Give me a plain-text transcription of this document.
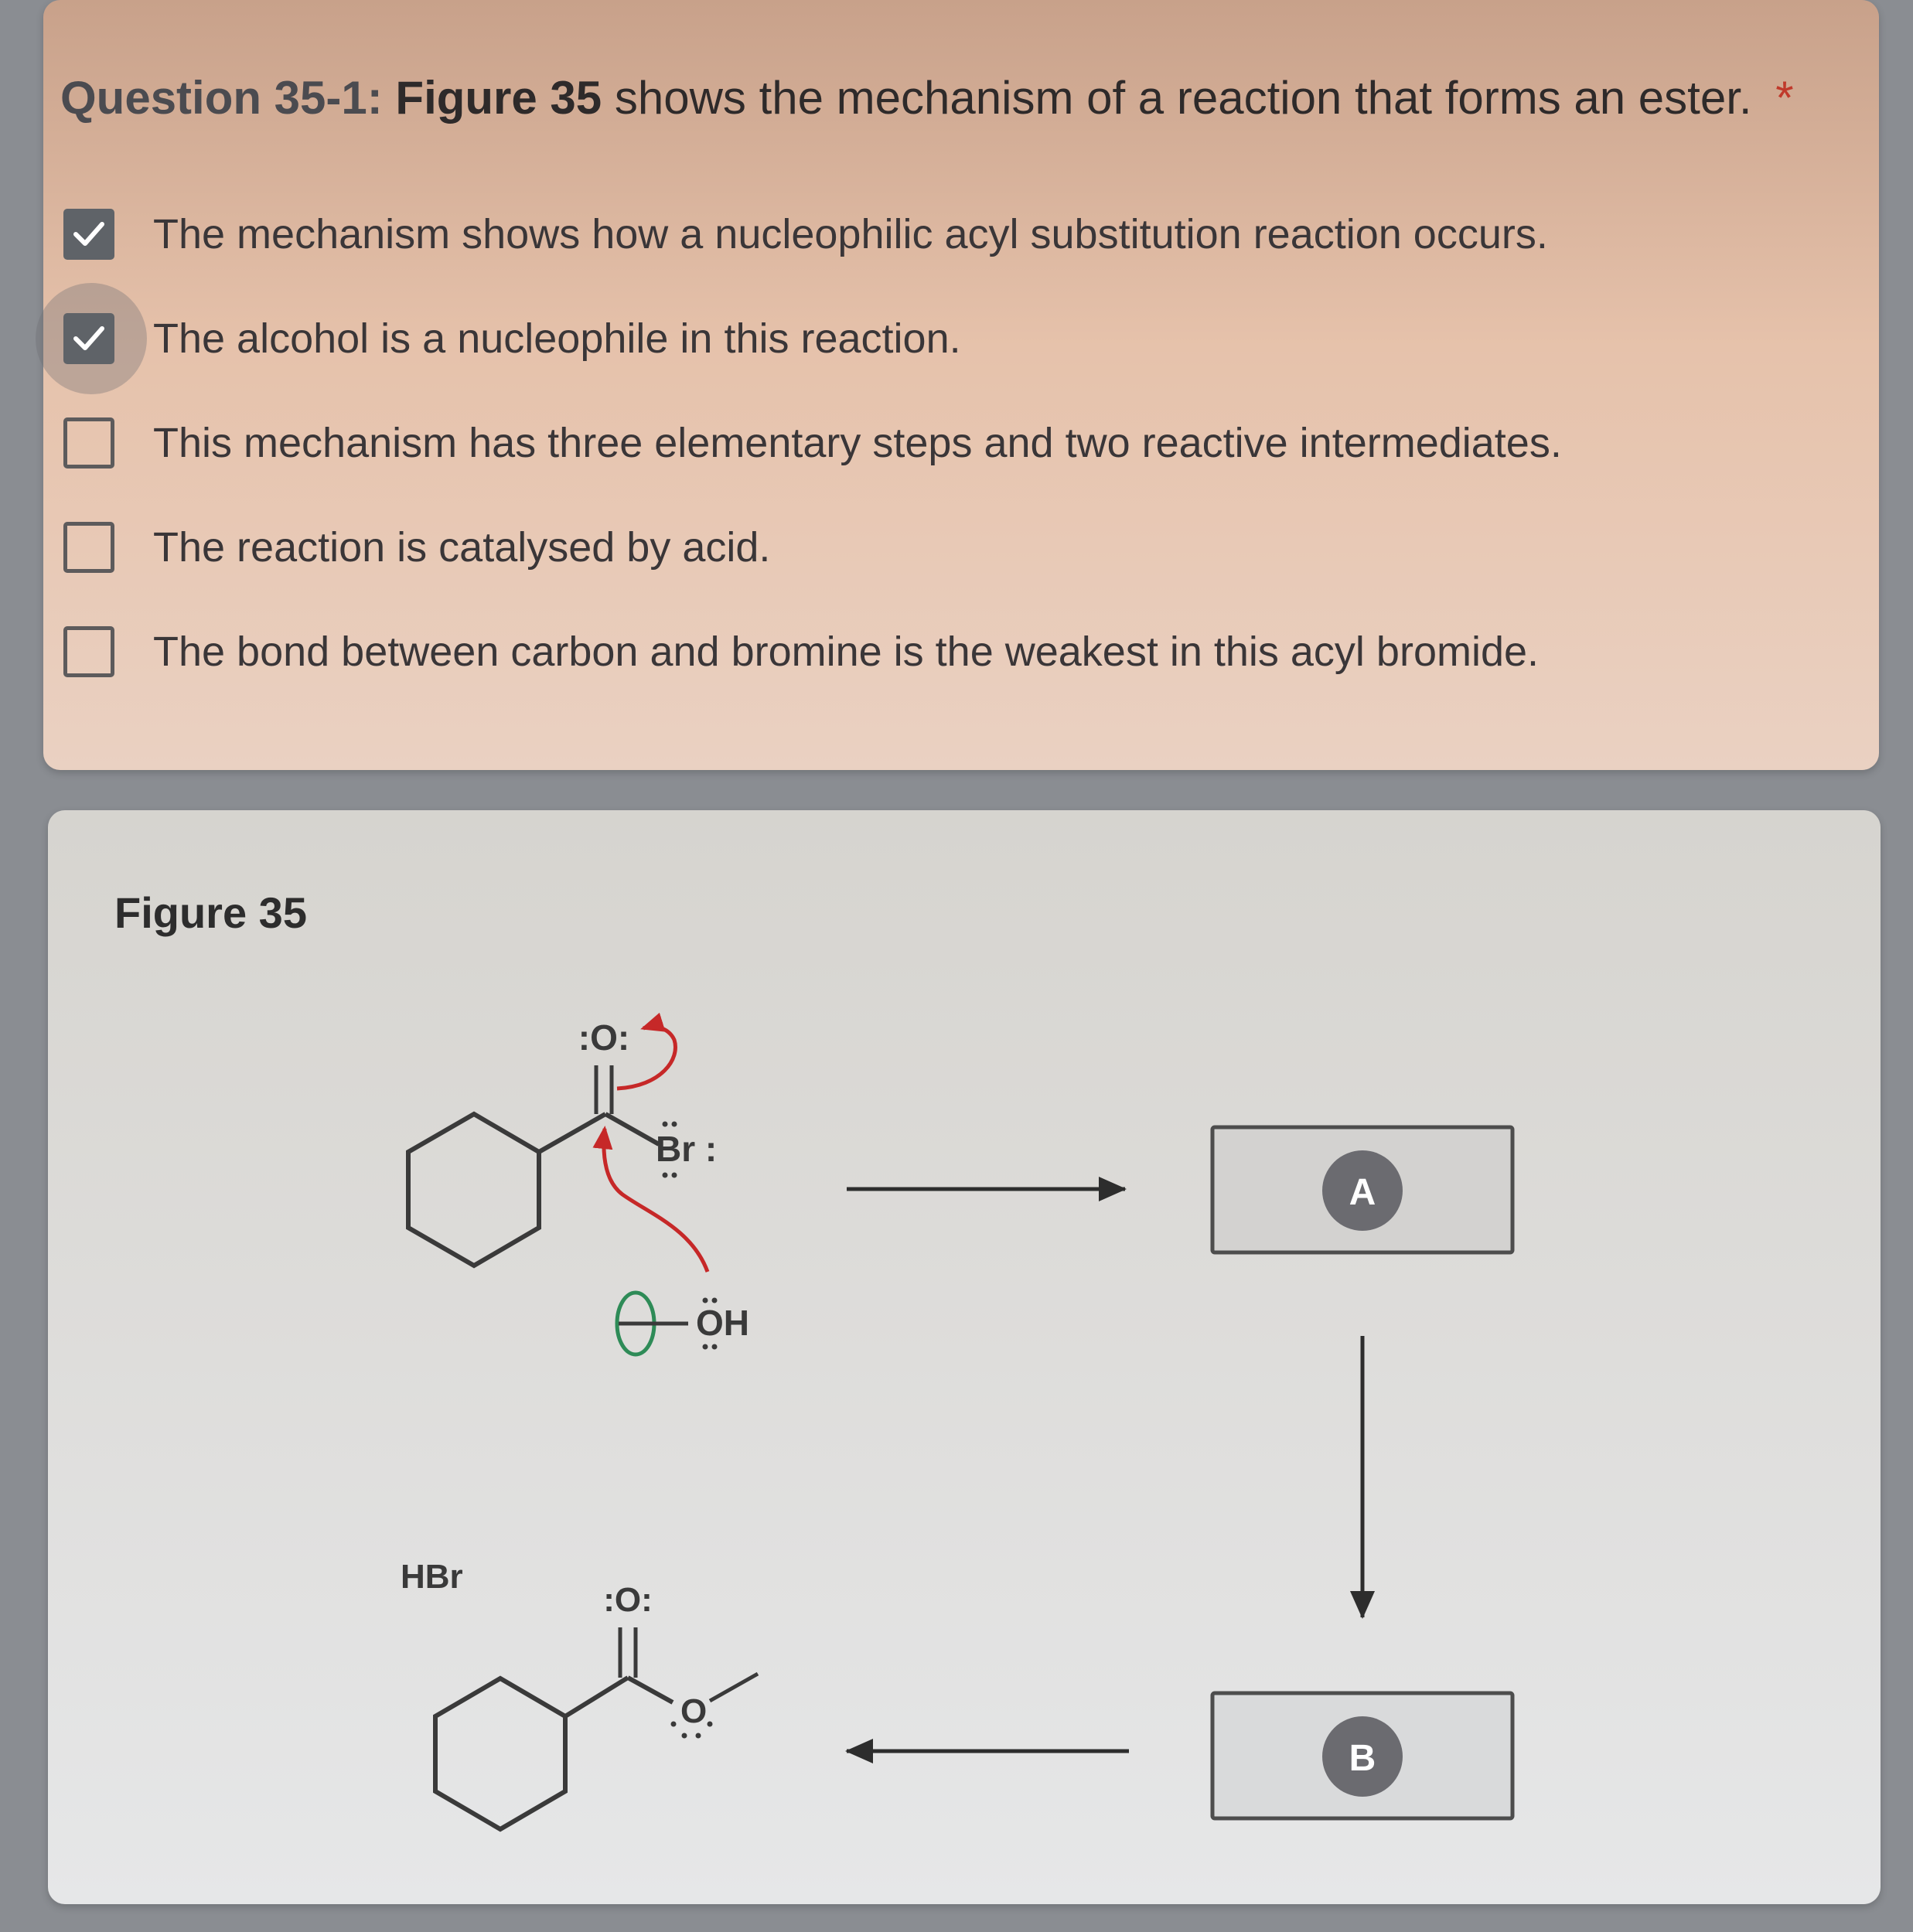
Question 35-1: Figure 35 shows the mechanism of a reaction that forms an ester. *
The mechanism shows how a nucleophilic acyl substitution reaction occurs.
The alcohol is a nucleophile in this reaction.
This mechanism has three elementary steps and two reactive intermediates.
The reaction is catalysed by acid.
The bond between carbon and bromine is the weakest in this acyl bromide.
Figure 35
:O:
Br :
OH
A
B
HBr
:O:
O
